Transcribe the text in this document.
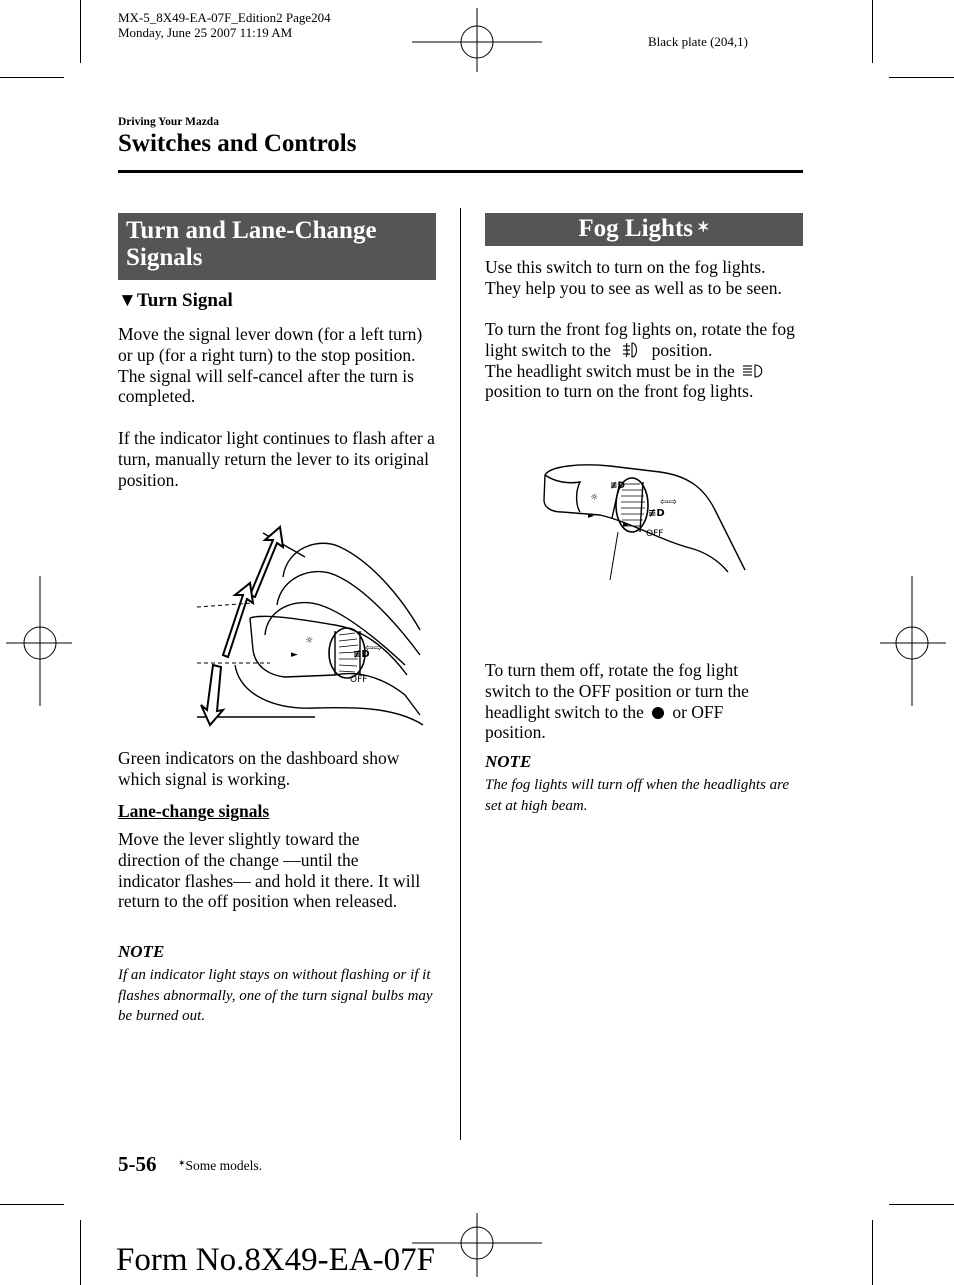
MX-5_8X49-EA-07F_Edition2 Page204
Monday, June 25 2007 11:19 AM
Black plate (204,1)
Driving Your Mazda
Switches and Controls
Turn and Lane-Change Signals
▼Turn Signal
Move the signal lever down (for a left turn) or up (for a right turn) to the stop position. The signal will self-cancel after the turn is completed.
If the indicator light continues to flash after a turn, manually return the lever to its original position.
☼
►	≢D
⇦⇨
OFF
Green indicators on the dashboard show which signal is working.
Lane-change signals
Move the lever slightly toward the direction of the change ―until the indicator flashes― and hold it there. It will return to the off position when released.
NOTE
If an indicator light stays on without flashing or if it flashes abnormally, one of the turn signal bulbs may be burned out.
Fog Lights ✶
Use this switch to turn on the fog lights. They help you to see as well as to be seen.
To turn the front fog lights on, rotate the fog light switch to the position.
The headlight switch must be in the
position to turn on the front fog lights.
☼
►
►
≢D
≢D
⇦⇨
OFF
To turn them off, rotate the fog light switch to the OFF position or turn the headlight switch to the or OFF position.
NOTE
The fog lights will turn off when the headlights are set at high beam.
5-56 ✶Some models.
Form No.8X49-EA-07F
